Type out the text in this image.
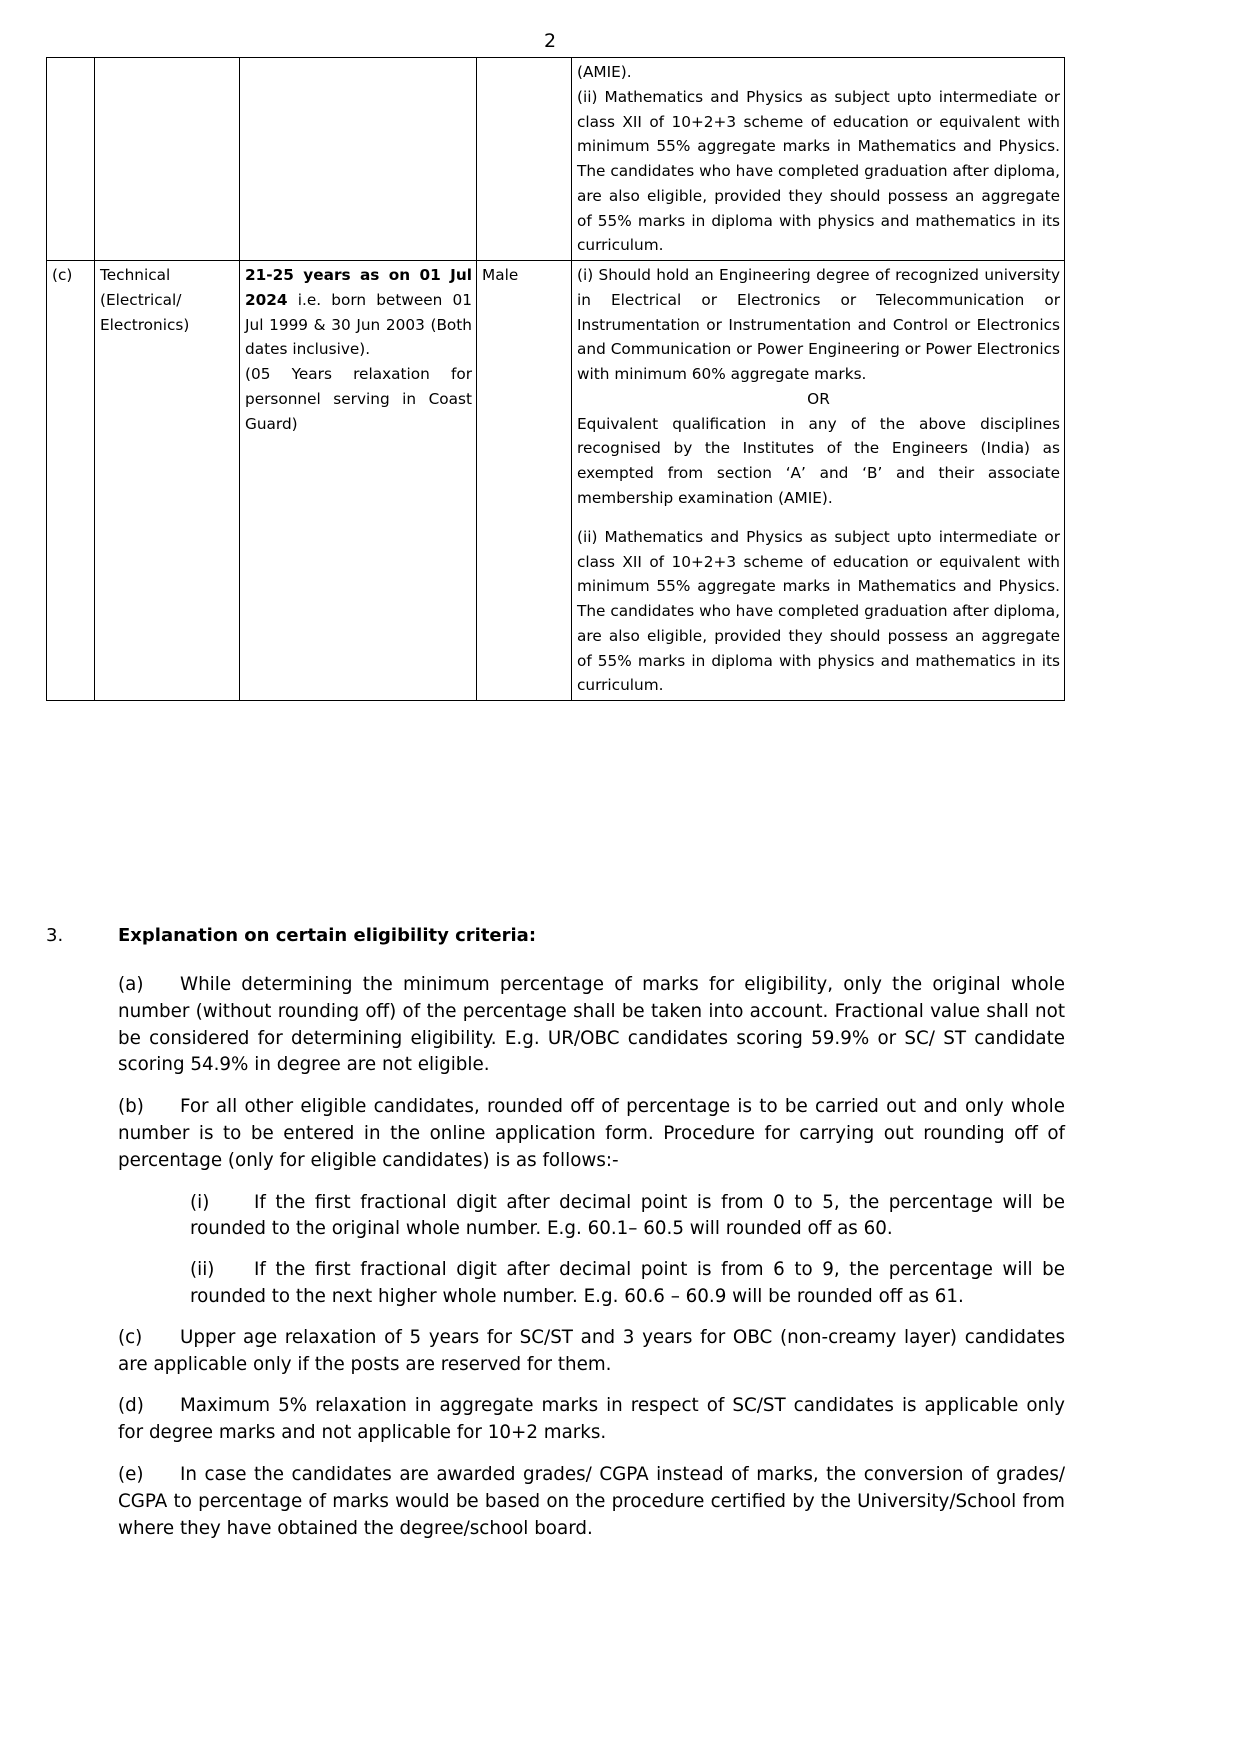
2

				(AMIE).
(ii) Mathematics and Physics as subject upto intermediate or class XII of 10+2+3 scheme of education or equivalent with minimum 55% aggregate marks in Mathematics and Physics. The candidates who have completed graduation after diploma, are also eligible, provided they should possess an aggregate of 55% marks in diploma with physics and mathematics in its curriculum.

(c)	Technical (Electrical/ Electronics)	21-25 years as on 01 Jul 2024 i.e. born between 01 Jul 1999 & 30 Jun 2003 (Both dates inclusive).
(05 Years relaxation for personnel serving in Coast Guard)	Male	(i) Should hold an Engineering degree of recognized university in Electrical or Electronics or Telecommunication or Instrumentation or Instrumentation and Control or Electronics and Communication or Power Engineering or Power Electronics with minimum 60% aggregate marks.
OR
Equivalent qualification in any of the above disciplines recognised by the Institutes of the Engineers (India) as exempted from section ‘A’ and ‘B’ and their associate membership examination (AMIE).
(ii) Mathematics and Physics as subject upto intermediate or class XII of 10+2+3 scheme of education or equivalent with minimum 55% aggregate marks in Mathematics and Physics. The candidates who have completed graduation after diploma, are also eligible, provided they should possess an aggregate of 55% marks in diploma with physics and mathematics in its curriculum.
3.	Explanation on certain eligibility criteria:

(a) While determining the minimum percentage of marks for eligibility, only the original whole number (without rounding off) of the percentage shall be taken into account. Fractional value shall not be considered for determining eligibility. E.g. UR/OBC candidates scoring 59.9% or SC/ ST candidate scoring 54.9% in degree are not eligible.

(b) For all other eligible candidates, rounded off of percentage is to be carried out and only whole number is to be entered in the online application form. Procedure for carrying out rounding off of percentage (only for eligible candidates) is as follows:-

(i) If the first fractional digit after decimal point is from 0 to 5, the percentage will be rounded to the original whole number. E.g. 60.1– 60.5 will rounded off as 60.

(ii) If the first fractional digit after decimal point is from 6 to 9, the percentage will be rounded to the next higher whole number. E.g. 60.6 – 60.9 will be rounded off as 61.

(c) Upper age relaxation of 5 years for SC/ST and 3 years for OBC (non-creamy layer) candidates are applicable only if the posts are reserved for them.

(d) Maximum 5% relaxation in aggregate marks in respect of SC/ST candidates is applicable only for degree marks and not applicable for 10+2 marks.

(e) In case the candidates are awarded grades/ CGPA instead of marks, the conversion of grades/ CGPA to percentage of marks would be based on the procedure certified by the University/School from where they have obtained the degree/school board.
